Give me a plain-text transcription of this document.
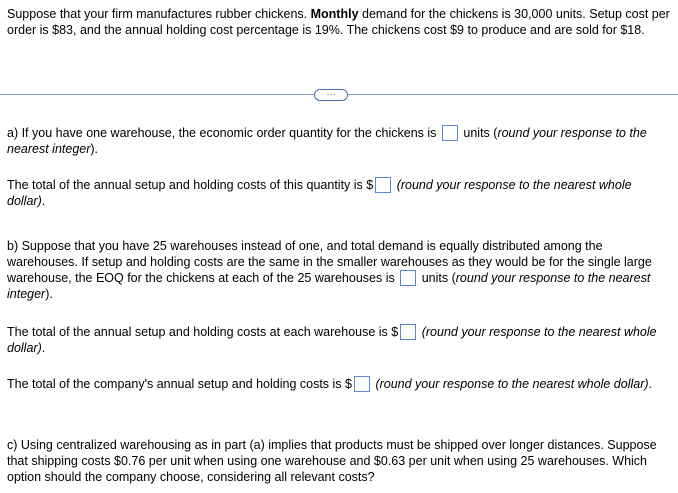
Suppose that your firm manufactures rubber chickens. Monthly demand for the chickens is 30,000 units. Setup cost per order is $83, and the annual holding cost percentage is 19%. The chickens cost $9 to produce and are sold for $18.
···
a) If you have one warehouse, the economic order quantity for the chickens is units (round your response to the nearest integer).
The total of the annual setup and holding costs of this quantity is $ (round your response to the nearest whole dollar).
b) Suppose that you have 25 warehouses instead of one, and total demand is equally distributed among the warehouses. If setup and holding costs are the same in the smaller warehouses as they would be for the single large warehouse, the EOQ for the chickens at each of the 25 warehouses is units (round your response to the nearest integer).
The total of the annual setup and holding costs at each warehouse is $ (round your response to the nearest whole dollar).
The total of the company's annual setup and holding costs is $ (round your response to the nearest whole dollar).
c) Using centralized warehousing as in part (a) implies that products must be shipped over longer distances. Suppose that shipping costs $0.76 per unit when using one warehouse and $0.63 per unit when using 25 warehouses. Which option should the company choose, considering all relevant costs?
